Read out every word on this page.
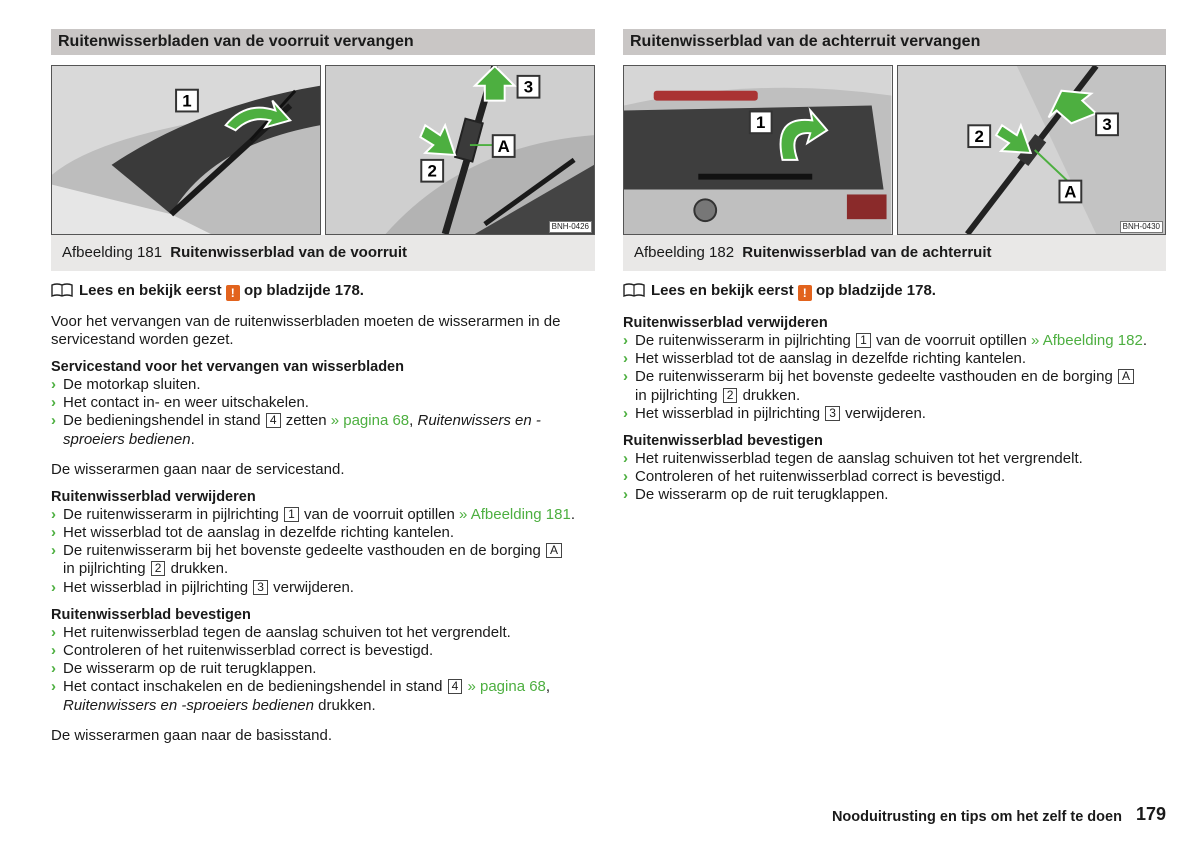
Ruitenwisserbladen van de voorruit vervangen
1
3
A
2
BNH-0426
Afbeelding 181 Ruitenwisserblad van de voorruit
Lees en bekijk eerst ! op bladzijde 178.

Voor het vervangen van de ruitenwisserbladen moeten de wisserarmen in de servicestand worden gezet.

Servicestand voor het vervangen van wisserbladen
› De motorkap sluiten.
› Het contact in- en weer uitschakelen.
› De bedieningshendel in stand 4 zetten » pagina 68, Ruitenwissers en -sproeiers bedienen.

De wisserarmen gaan naar de servicestand.

Ruitenwisserblad verwijderen
› De ruitenwisserarm in pijlrichting 1 van de voorruit optillen » Afbeelding 181.
› Het wisserblad tot de aanslag in dezelfde richting kantelen.
› De ruitenwisserarm bij het bovenste gedeelte vasthouden en de borging A
in pijlrichting 2 drukken.
› Het wisserblad in pijlrichting 3 verwijderen.
Ruitenwisserblad bevestigen
› Het ruitenwisserblad tegen de aanslag schuiven tot het vergrendelt.
› Controleren of het ruitenwisserblad correct is bevestigd.
› De wisserarm op de ruit terugklappen.
› Het contact inschakelen en de bedieningshendel in stand 4 » pagina 68,
Ruitenwissers en -sproeiers bedienen drukken.

De wisserarmen gaan naar de basisstand.

Ruitenwisserblad van de achterruit vervangen
1
2
3
A
BNH-0430
Afbeelding 182 Ruitenwisserblad van de achterruit
Lees en bekijk eerst ! op bladzijde 178.
Ruitenwisserblad verwijderen
› De ruitenwisserarm in pijlrichting 1 van de voorruit optillen » Afbeelding 182.
› Het wisserblad tot de aanslag in dezelfde richting kantelen.
› De ruitenwisserarm bij het bovenste gedeelte vasthouden en de borging A
in pijlrichting 2 drukken.
› Het wisserblad in pijlrichting 3 verwijderen.
Ruitenwisserblad bevestigen
› Het ruitenwisserblad tegen de aanslag schuiven tot het vergrendelt.
› Controleren of het ruitenwisserblad correct is bevestigd.
› De wisserarm op de ruit terugklappen.
Nooduitrusting en tips om het zelf te doen 179
